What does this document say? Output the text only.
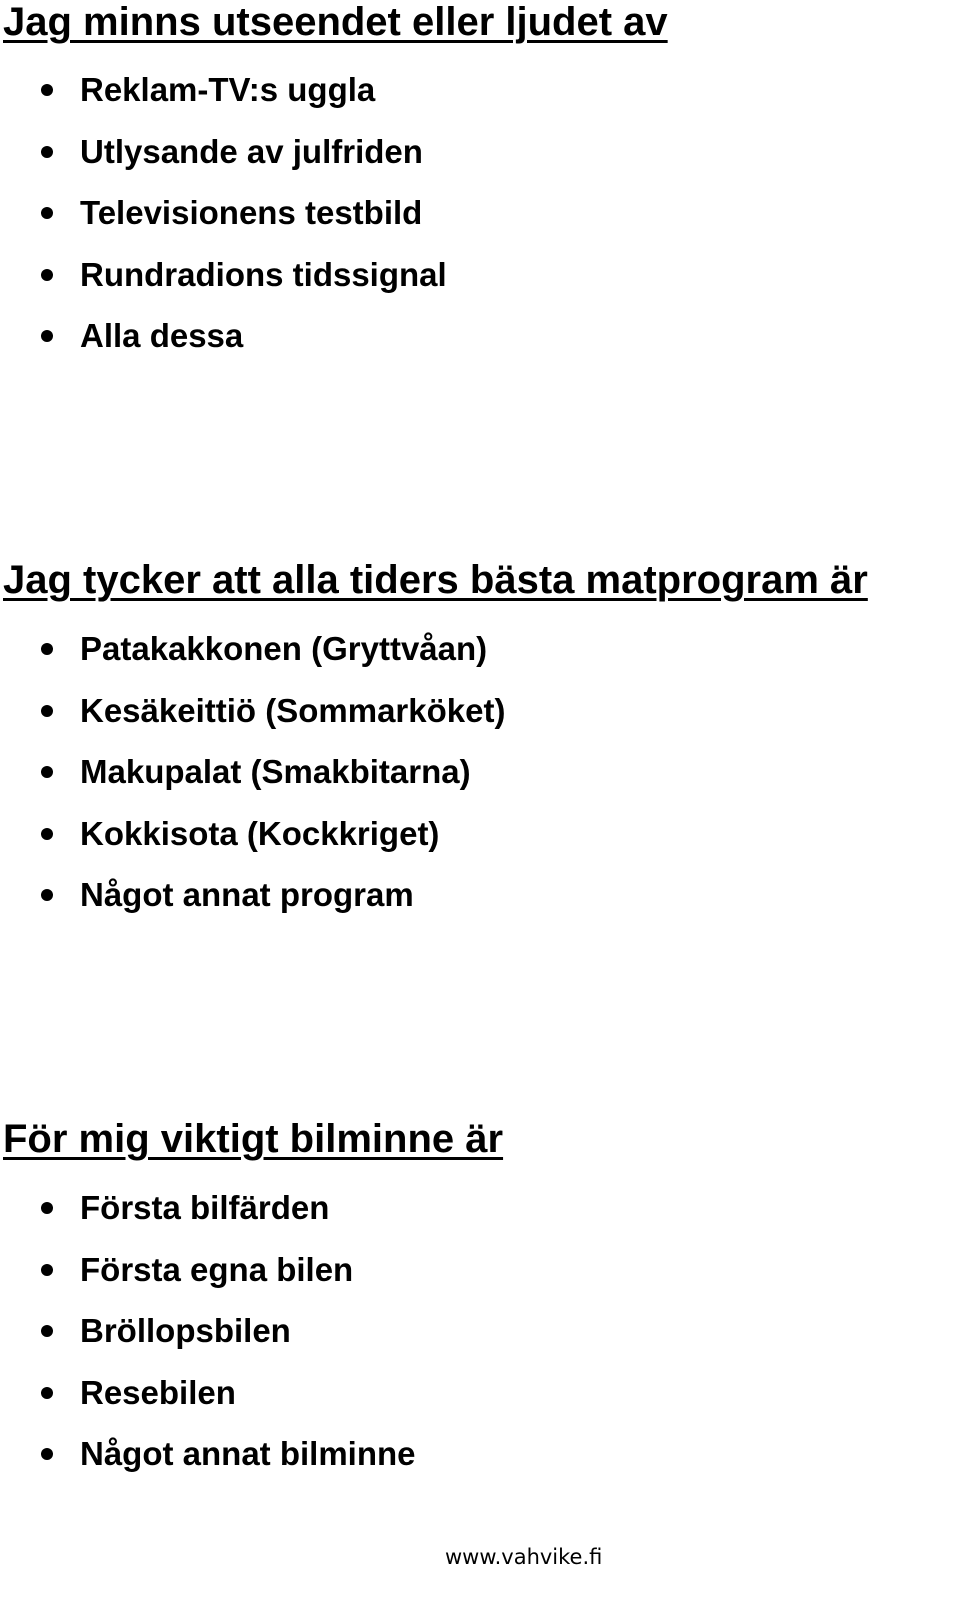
Jag minns utseendet eller ljudet av
Reklam-TV:s uggla
Utlysande av julfriden
Televisionens testbild
Rundradions tidssignal
Alla dessa
Jag tycker att alla tiders bästa matprogram är
Patakakkonen (Gryttvåan)
Kesäkeittiö (Sommarköket)
Makupalat (Smakbitarna)
Kokkisota (Kockkriget)
Något annat program
För mig viktigt bilminne är
Första bilfärden
Första egna bilen
Bröllopsbilen
Resebilen
Något annat bilminne
www.vahvike.fi
